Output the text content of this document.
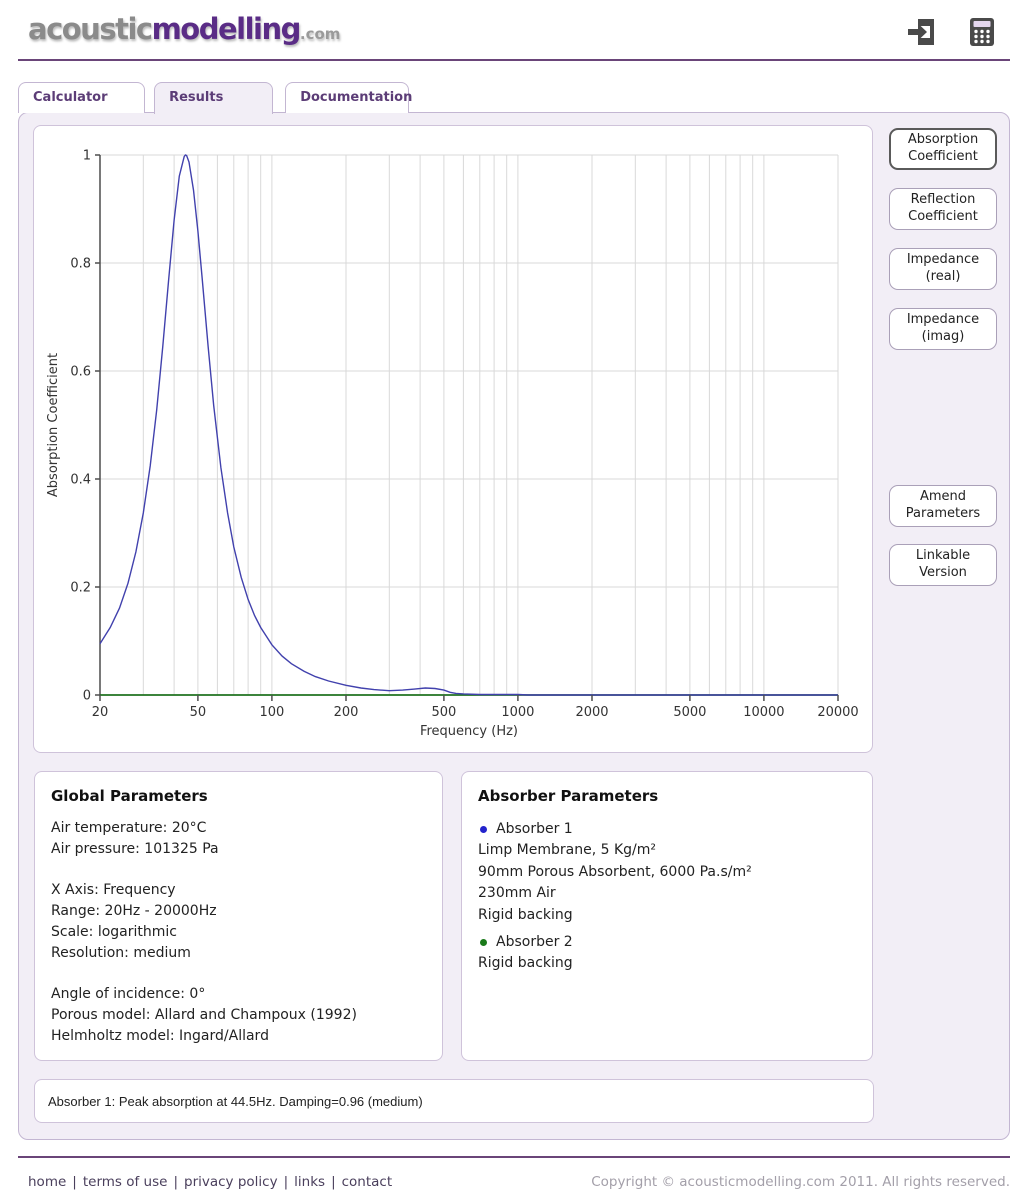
acousticmodelling.com
Calculator	Results	Documentation
0
0.2
0.4
0.6
0.8
1
20	50	100	200	500	1000	2000	5000	10000	20000
Frequency (Hz)
Absorption Coefficient
Absorption
Coefficient
Reflection
Coefficient
Impedance
(real)
Impedance
(imag)
Amend
Parameters
Linkable
Version
Global Parameters
Air temperature: 20°C
Air pressure: 101325 Pa
X Axis: Frequency
Range: 20Hz - 20000Hz
Scale: logarithmic
Resolution: medium
Angle of incidence: 0°
Porous model: Allard and Champoux (1992)
Helmholtz model: Ingard/Allard
Absorber Parameters
Absorber 1
Limp Membrane, 5 Kg/m²
90mm Porous Absorbent, 6000 Pa.s/m²
230mm Air
Rigid backing
Absorber 2
Rigid backing
Absorber 1: Peak absorption at 44.5Hz. Damping=0.96 (medium)
home | terms of use | privacy policy | links | contact	Copyright © acousticmodelling.com 2011. All rights reserved.
